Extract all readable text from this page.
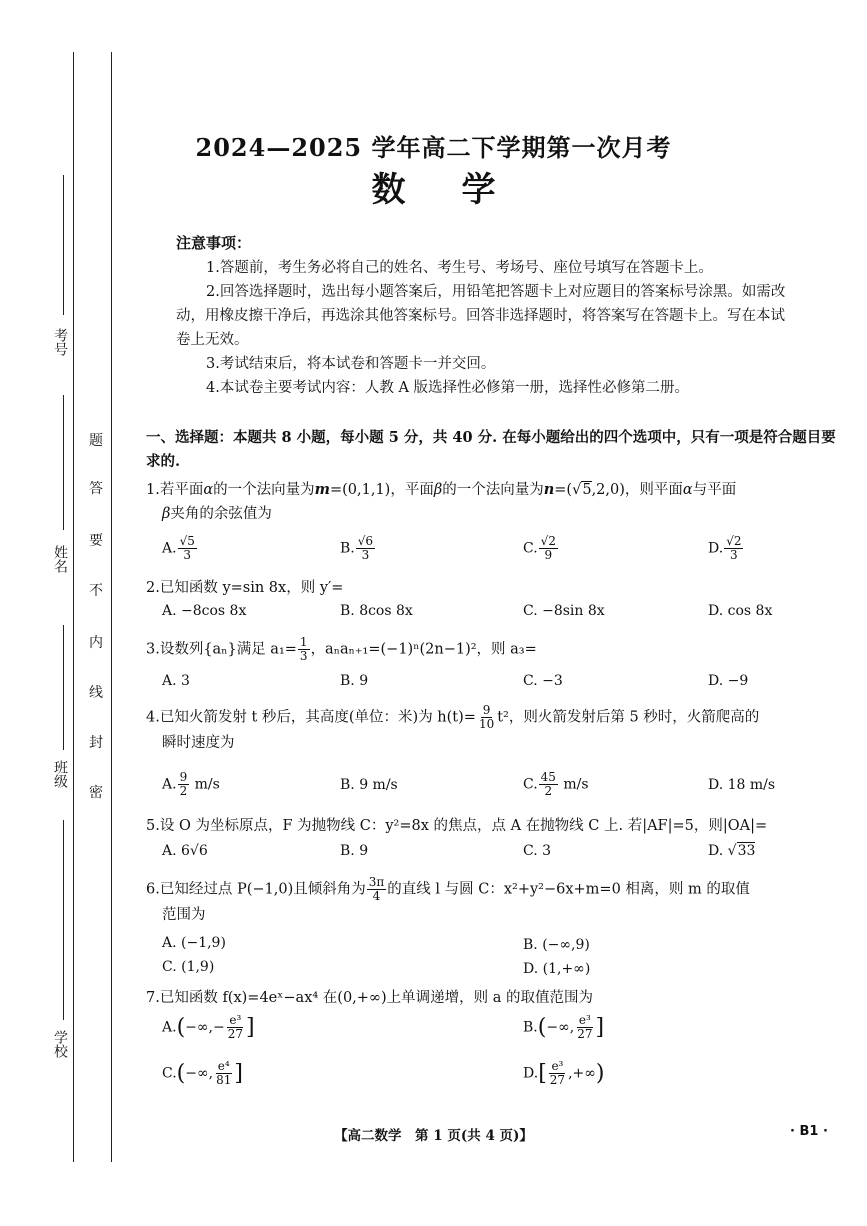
考号
姓名
班级
学校
题
答
要
不
内
线
封
密
2024—2025 学年高二下学期第一次月考
数学
注意事项：

1.答题前，考生务必将自己的姓名、考生号、考场号、座位号填写在答题卡上。

2.回答选择题时，选出每小题答案后，用铅笔把答题卡上对应题目的答案标号涂黑。如需改动，用橡皮擦干净后，再选涂其他答案标号。回答非选择题时，将答案写在答题卡上。写在本试卷上无效。

3.考试结束后，将本试卷和答题卡一并交回。

4.本试卷主要考试内容：人教 A 版选择性必修第一册，选择性必修第二册。

一、选择题：本题共 8 小题，每小题 5 分，共 40 分. 在每小题给出的四个选项中，只有一项是符合题目要求的.
1.若平面α的一个法向量为m=(0,1,1)，平面β的一个法向量为n=(√5,2,0)，则平面α与平面
β夹角的余弦值为
A. $\frac{√5}{3}$	B. $\frac{√6}{3}$	C. $\frac{√2}{9}$	D. $\frac{√2}{3}$
2.已知函数 y=sin 8x，则 y′=
A. −8cos 8x	B. 8cos 8x	C. −8sin 8x	D. cos 8x
3.设数列{aₙ}满足 $a_1= \frac{1}{3}$ ，aₙaₙ₊₁=(−1)ⁿ(2n−1)²，则 a₃=
A. 3	B. 9	C. −3	D. −9
4.已知火箭发射 t 秒后，其高度(单位：米)为 $h(t)= \frac{9}{10} t^2$，则火箭发射后第 5 秒时，火箭爬高的
瞬时速度为
A. $\frac{9}{2} m/s$	B. 9 m/s	C. $\frac{45}{2} m/s$	D. 18 m/s
5.设 O 为坐标原点，F 为抛物线 C：y²=8x 的焦点，点 A 在抛物线 C 上. 若|AF|=5，则|OA|=
A. 6√6	B. 9	C. 3	D. √33
6.已知经过点 P(−1,0)且倾斜角为 $\frac{3\pi}{4}$ 的直线 l 与圆 C：x²+y²−6x+m=0 相离，则 m 的取值
范围为
A. (−1,9)	B. (−∞,9)
C. (1,9)	D. (1,+∞)
7.已知函数 f(x)=4eˣ−ax⁴ 在(0,+∞)上单调递增，则 a 的取值范围为
$A.(-\infty,- \frac{\text{e³}}{27}$ ]	B.(−∞, $\frac{\text{e³}}{27}$ ]
C.(−∞, $\frac{\text{e⁴}}{81}$ ]	$D.[ \frac{\text{e³}}{27}$ ,+∞)
【高二数学　第 1 页(共 4 页)】	· B1 ·
